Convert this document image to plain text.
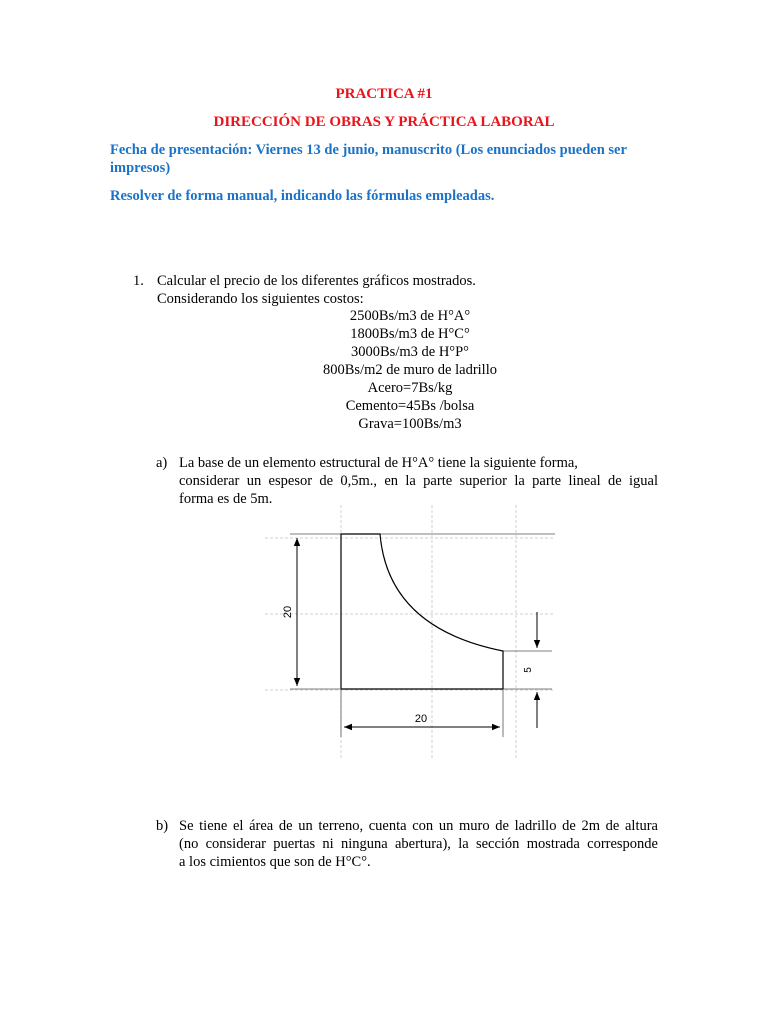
PRACTICA #1
DIRECCIÓN DE OBRAS Y PRÁCTICA LABORAL
Fecha de presentación: Viernes 13 de junio, manuscrito (Los enunciados pueden ser
impresos)
Resolver de forma manual, indicando las fórmulas empleadas.
1. Calcular el precio de los diferentes gráficos mostrados.
Considerando los siguientes costos:
2500Bs/m3 de H°A°
1800Bs/m3 de H°C°
3000Bs/m3 de H°P°
800Bs/m2 de muro de ladrillo
Acero=7Bs/kg
Cemento=45Bs /bolsa
Grava=100Bs/m3
a) La base de un elemento estructural de H°A° tiene la siguiente forma,
considerar un espesor de 0,5m., en la parte superior la parte lineal de igual
forma es de 5m.
20
20
5
b) Se tiene el área de un terreno, cuenta con un muro de ladrillo de 2m de altura
(no considerar puertas ni ninguna abertura), la sección mostrada corresponde
a los cimientos que son de H°C°.
